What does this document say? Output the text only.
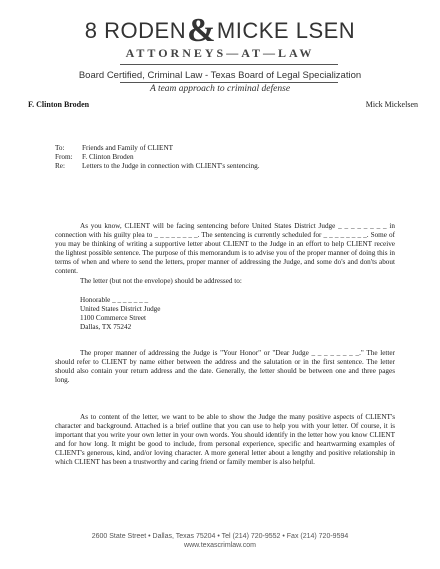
8 RODEN&MICKE LSEN
ATTORNEYS—AT—LAW
Board Certified, Criminal Law - Texas Board of Legal Specialization
A team approach to criminal defense
F. Clinton Broden	Mick Mickelsen
To:	Friends and Family of CLIENT
From:	F. Clinton Broden
Re:	Letters to the Judge in connection with CLIENT's sentencing.
As you know, CLIENT will be facing sentencing before United States District Judge _ _ _ _ _ _ _ _ in connection with his guilty plea to _ _ _ _ _ _ _ _. The sentencing is currently scheduled for _ _ _ _ _ _ _ _. Some of you may be thinking of writing a supportive letter about CLIENT to the Judge in an effort to help CLIENT receive the lightest possible sentence. The purpose of this memorandum is to advise you of the proper manner of doing this in terms of when and where to send the letters, proper manner of addressing the Judge, and some do's and don'ts about content.
The letter (but not the envelope) should be addressed to:
Honorable _ _ _ _ _ _ _
United States District Judge
1100 Commerce Street
Dallas, TX 75242
The proper manner of addressing the Judge is "Your Honor" or "Dear Judge _ _ _ _ _ _ _ _." The letter should refer to CLIENT by name either between the address and the salutation or in the first sentence. The letter should also contain your return address and the date. Generally, the letter should be between one and three pages long.
As to content of the letter, we want to be able to show the Judge the many positive aspects of CLIENT's character and background. Attached is a brief outline that you can use to help you with your letter. Of course, it is important that you write your own letter in your own words. You should identify in the letter how you know CLIENT and for how long. It might be good to include, from personal experience, specific and heartwarming examples of CLIENT's generous, kind, and/or loving character. A more general letter about a lengthy and positive relationship in which CLIENT has been a trustworthy and caring friend or family member is also helpful.
2600 State Street • Dallas, Texas 75204 • Tel (214) 720-9552 • Fax (214) 720-9594
www.texascrimlaw.com
